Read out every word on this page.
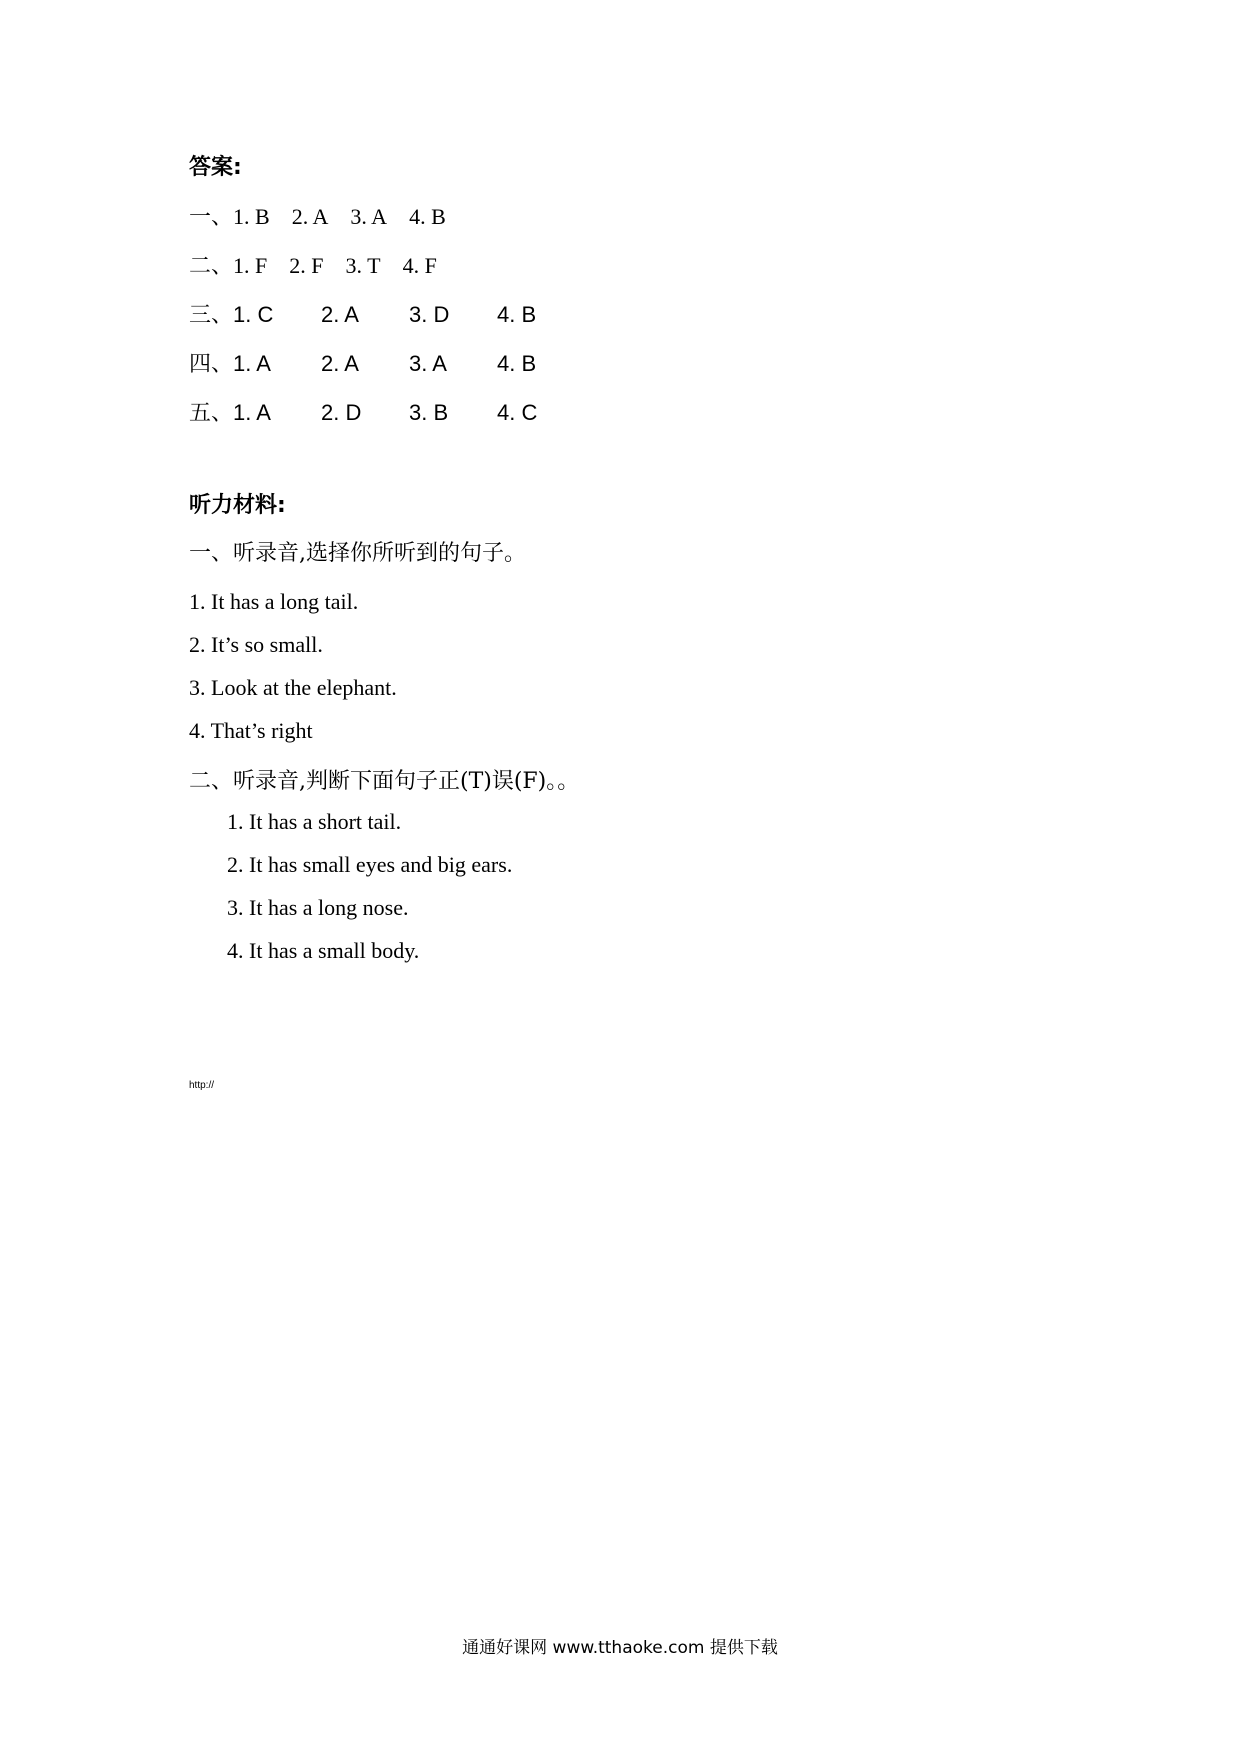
答案:
一、 1. B 2. A 3. A 4. B
二、 1. F 2. F 3. T 4. F
三、 1. C	2. A	3. D	4. B
四、 1. A	2. A	3. A	4. B
五、 1. A	2. D	3. B	4. C
听力材料:
一、听录音,选择你所听到的句子。
1. It has a long tail.
2. It’s so small.
3. Look at the elephant.
4. That’s right
二、听录音,判断下面句子正(T)误(F)。。
1. It has a short tail.
2. It has small eyes and big ears.
3. It has a long nose.
4. It has a small body.
http://
通通好课网 www.tthaoke.com 提供下载
